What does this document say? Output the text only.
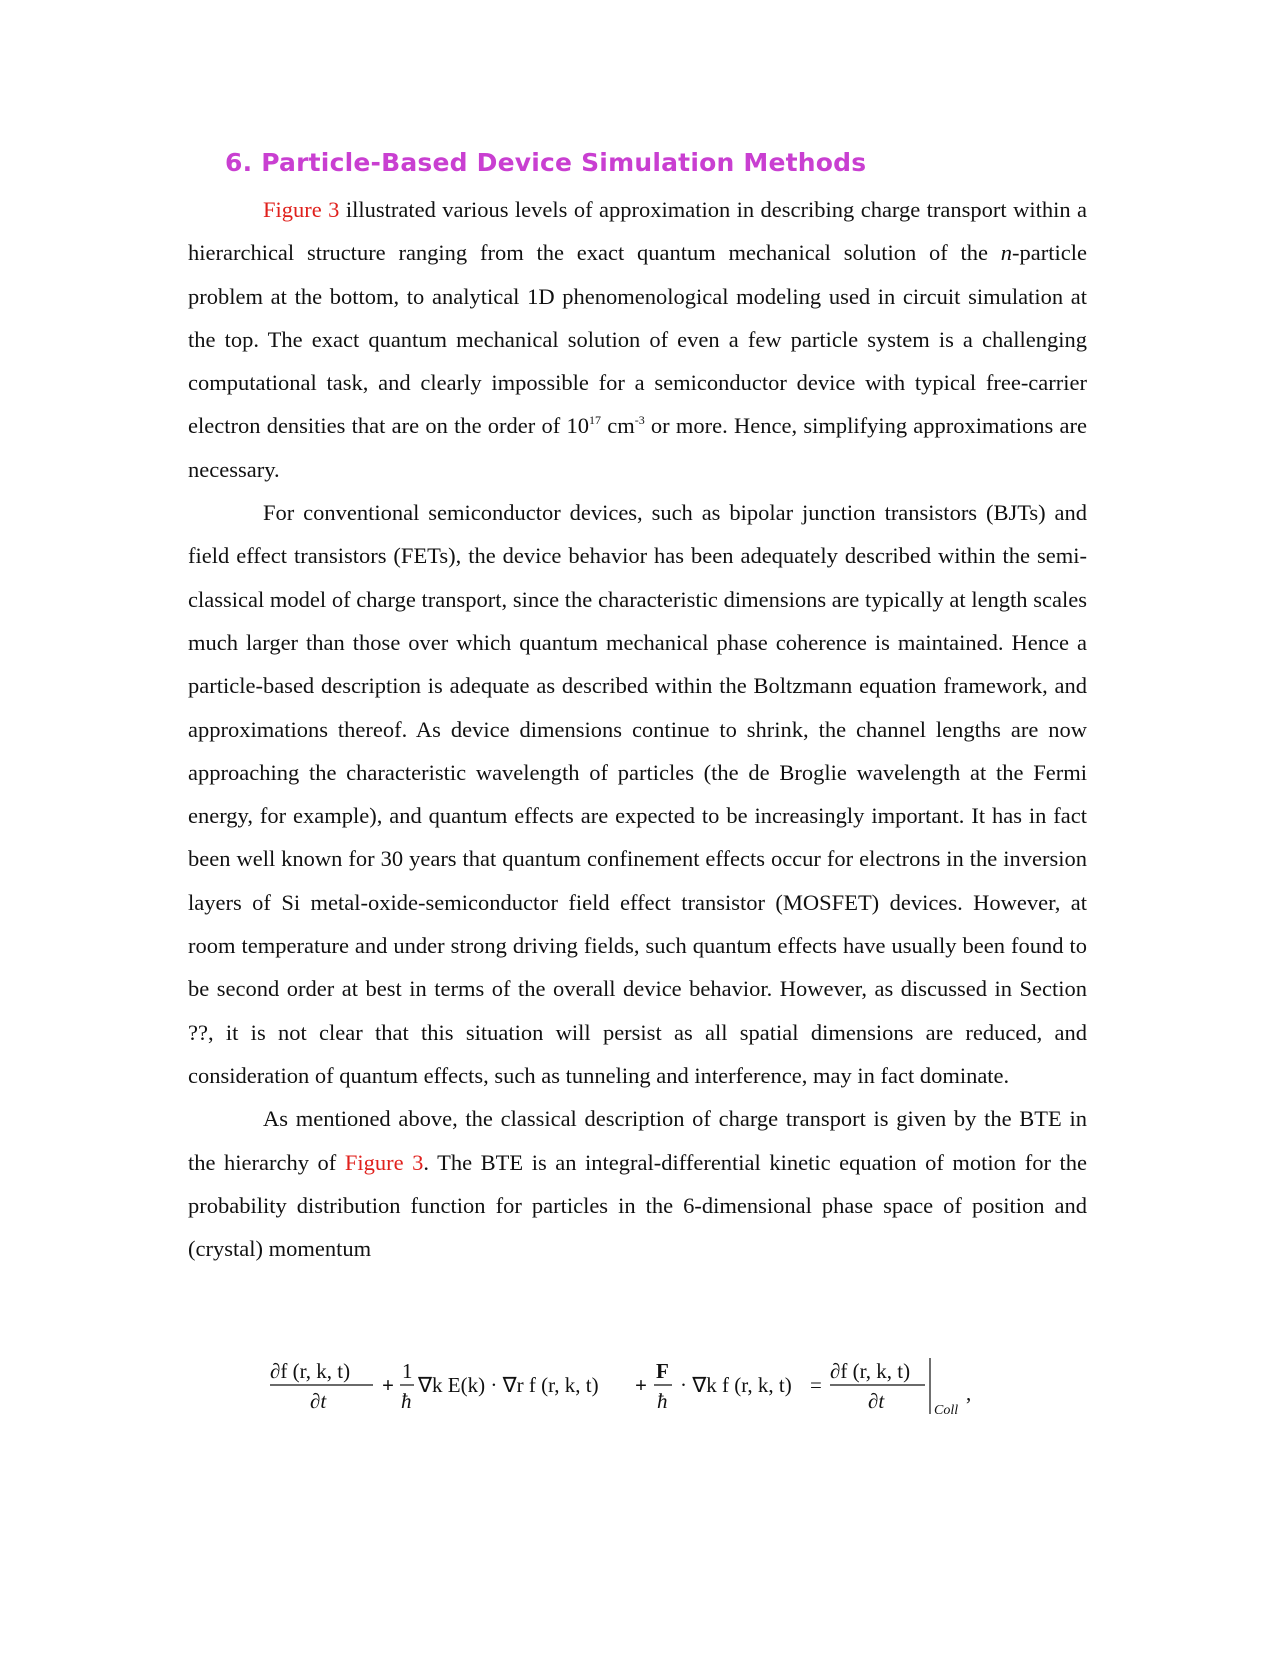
6. Particle-Based Device Simulation Methods

Figure 3 illustrated various levels of approximation in describing charge transport within a hierarchical structure ranging from the exact quantum mechanical solution of the n-particle problem at the bottom, to analytical 1D phenomenological modeling used in circuit simulation at the top. The exact quantum mechanical solution of even a few particle system is a challenging computational task, and clearly impossible for a semiconductor device with typical free-carrier electron densities that are on the order of $10^{17}$ $cm^{-3}$ or more. Hence, simplifying approximations are necessary.

For conventional semiconductor devices, such as bipolar junction transistors (BJTs) and field effect transistors (FETs), the device behavior has been adequately described within the semi-classical model of charge transport, since the characteristic dimensions are typically at length scales much larger than those over which quantum mechanical phase coherence is maintained. Hence a particle-based description is adequate as described within the Boltzmann equation framework, and approximations thereof. As device dimensions continue to shrink, the channel lengths are now approaching the characteristic wavelength of particles (the de Broglie wavelength at the Fermi energy, for example), and quantum effects are expected to be increasingly important. It has in fact been well known for 30 years that quantum confinement effects occur for electrons in the inversion layers of Si metal-oxide-semiconductor field effect transistor (MOSFET) devices. However, at room temperature and under strong driving fields, such quantum effects have usually been found to be second order at best in terms of the overall device behavior. However, as discussed in Section ??, it is not clear that this situation will persist as all spatial dimensions are reduced, and consideration of quantum effects, such as tunneling and interference, may in fact dominate.

As mentioned above, the classical description of charge transport is given by the BTE in the hierarchy of Figure 3. The BTE is an integral-differential kinetic equation of motion for the probability distribution function for particles in the 6-dimensional phase space of position and (crystal) momentum

∂f (r, k, t)
∂t
+
1
ħ
∇k E(k) · ∇r f (r, k, t) +
F
ħ
· ∇k f (r, k, t) =
∂f (r, k, t)
∂t	Coll
,
